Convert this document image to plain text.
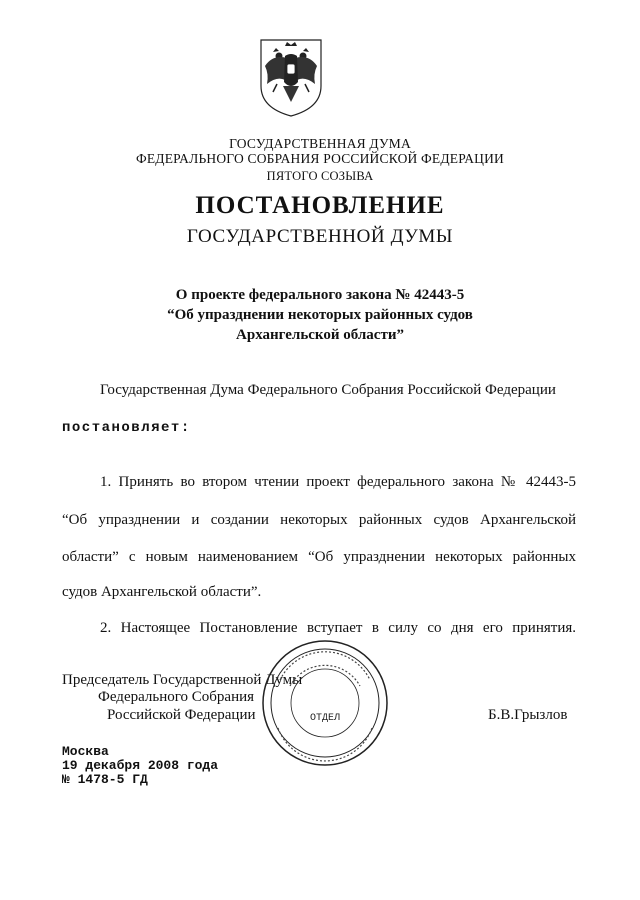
ГОСУДАРСТВЕННАЯ ДУМА
ФЕДЕРАЛЬНОГО СОБРАНИЯ РОССИЙСКОЙ ФЕДЕРАЦИИ
ПЯТОГО СОЗЫВА
ПОСТАНОВЛЕНИЕ
ГОСУДАРСТВЕННОЙ ДУМЫ
О проекте федерального закона № 42443-5
“Об упразднении некоторых районных судов
Архангельской области”
Государственная Дума Федерального Собрания Российской Федерации
постановляет:
1. Принять во втором чтении проект федерального закона № 42443-5
“Об упразднении и создании некоторых районных судов Архангельской
области” с новым наименованием “Об упразднении некоторых районных
судов Архангельской области”.
2. Настоящее Постановление вступает в силу со дня его принятия.
Председатель Государственной Думы
Федерального Собрания
Российской Федерации	Б.В.Грызлов
ОТДЕЛ
Москва
19 декабря 2008 года
№ 1478-5 ГД
